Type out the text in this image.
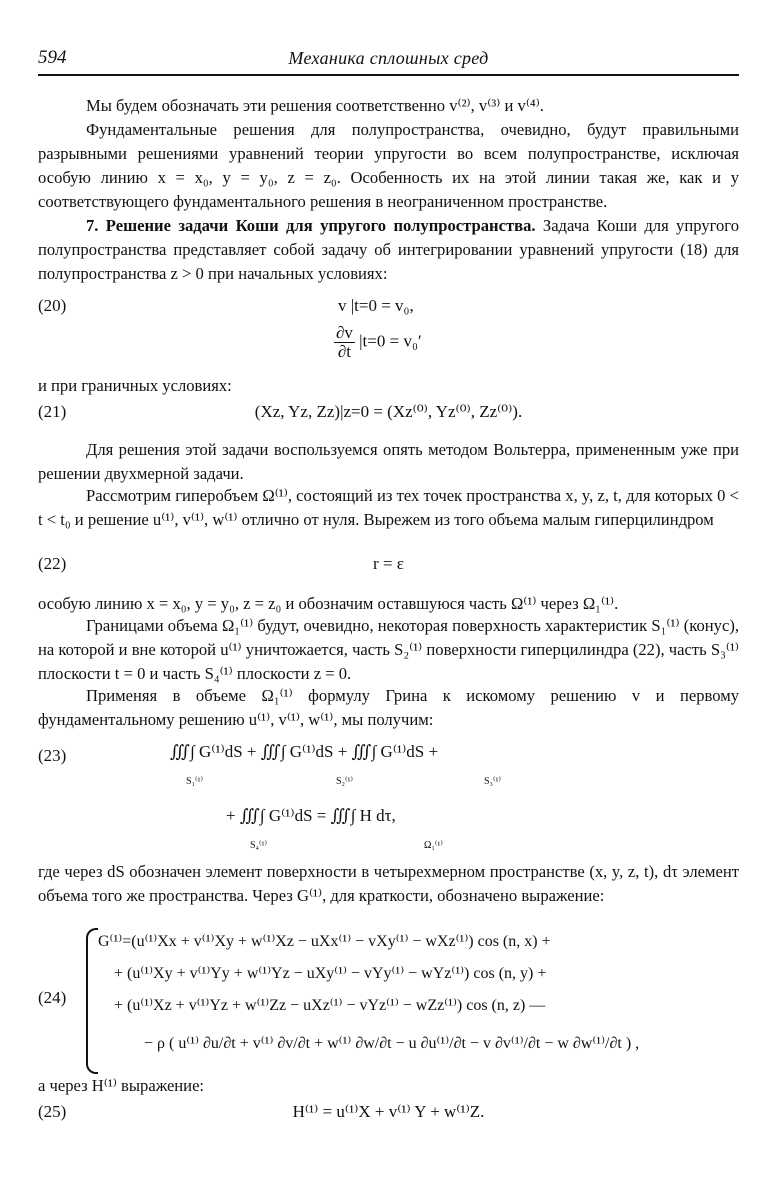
594	Механика сплошных сред
Мы будем обозначать эти решения соответственно v⁽²⁾, v⁽³⁾ и v⁽⁴⁾.
Фундаментальные решения для полупространства, очевидно, будут правильными разрывными решениями уравнений теории упругости во всем полупространстве, исключая особую линию x = x₀, y = y₀, z = z₀. Особенность их на этой линии такая же, как и у соответствующего фундаментального решения в неограниченном пространстве.
7. Решение задачи Коши для упругого полупространства. Задача Коши для упругого полупространства представляет собой задачу об интегрировании уравнений упругости (18) для полупространства z > 0 при начальных условиях:
(20)	v |t=0 = v₀,
$\frac{\partial v}{\partial t} |t=0 = v_0'$
и при граничных условиях:
(21)	(Xz, Yz, Zz)|z=0 = (Xz⁽⁰⁾, Yz⁽⁰⁾, Zz⁽⁰⁾).
Для решения этой задачи воспользуемся опять методом Вольтерра, примененным уже при решении двухмерной задачи.
Рассмотрим гиперобъем Ω⁽¹⁾, состоящий из тех точек пространства x, y, z, t, для которых 0 < t < t₀ и решение u⁽¹⁾, v⁽¹⁾, w⁽¹⁾ отлично от нуля. Вырежем из того объема малым гиперцилиндром
(22)	r = ε
особую линию x = x₀, y = y₀, z = z₀ и обозначим оставшуюся часть Ω⁽¹⁾ через Ω₁⁽¹⁾.
Границами объема Ω₁⁽¹⁾ будут, очевидно, некоторая поверхность характеристик S₁⁽¹⁾ (конус), на которой и вне которой u⁽¹⁾ уничтожается, часть S₂⁽¹⁾ поверхности гиперцилиндра (22), часть S₃⁽¹⁾ плоскости t = 0 и часть S₄⁽¹⁾ плоскости z = 0.
Применяя в объеме Ω₁⁽¹⁾ формулу Грина к искомому решению v и первому фундаментальному решению u⁽¹⁾, v⁽¹⁾, w⁽¹⁾, мы получим:
(23)	∭∫ G⁽¹⁾dS + ∭∫ G⁽¹⁾dS + ∭∫ G⁽¹⁾dS +
S₁⁽¹⁾	S₂⁽¹⁾	S₃⁽¹⁾
+ ∭∫ G⁽¹⁾dS = ∭∫ H dτ,
S₄⁽¹⁾	Ω₁⁽¹⁾
где через dS обозначен элемент поверхности в четырехмерном пространстве (x, y, z, t), dτ элемент объема того же пространства. Через G⁽¹⁾, для краткости, обозначено выражение:
(24)
G⁽¹⁾=(u⁽¹⁾Xx + v⁽¹⁾Xy + w⁽¹⁾Xz − uXx⁽¹⁾ − vXy⁽¹⁾ − wXz⁽¹⁾) cos (n, x) +
+ (u⁽¹⁾Xy + v⁽¹⁾Yy + w⁽¹⁾Yz − uXy⁽¹⁾ − vYy⁽¹⁾ − wYz⁽¹⁾) cos (n, y) +
+ (u⁽¹⁾Xz + v⁽¹⁾Yz + w⁽¹⁾Zz − uXz⁽¹⁾ − vYz⁽¹⁾ − wZz⁽¹⁾) cos (n, z) —
− ρ ( u⁽¹⁾ ∂u/∂t + v⁽¹⁾ ∂v/∂t + w⁽¹⁾ ∂w/∂t − u ∂u⁽¹⁾/∂t − v ∂v⁽¹⁾/∂t − w ∂w⁽¹⁾/∂t ) ,
а через H⁽¹⁾ выражение:
(25)	H⁽¹⁾ = u⁽¹⁾X + v⁽¹⁾ Y + w⁽¹⁾Z.
